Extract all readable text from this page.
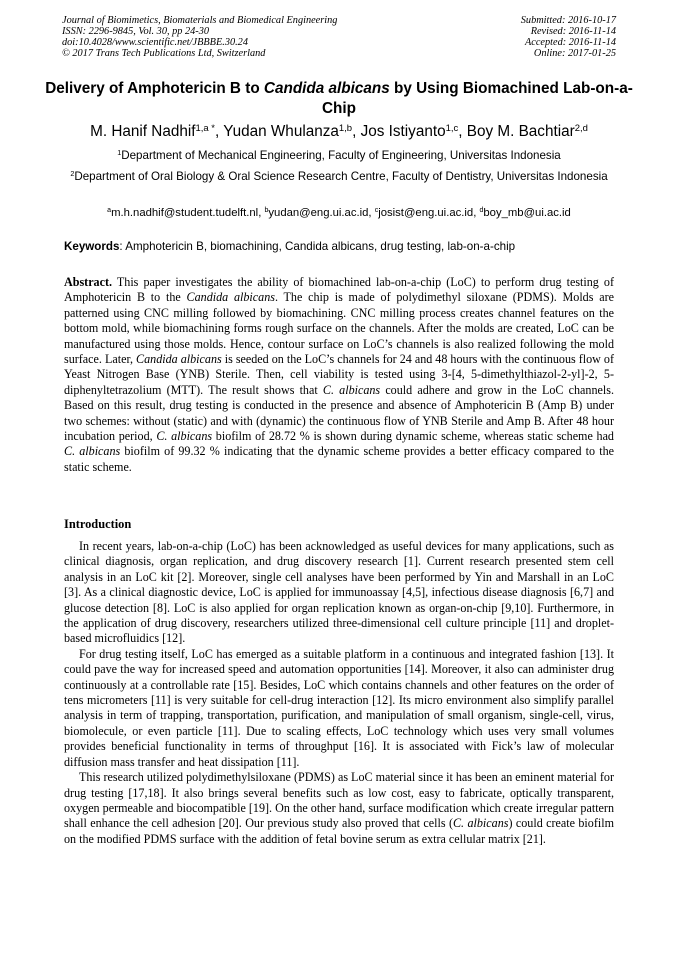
Journal of Biomimetics, Biomaterials and Biomedical Engineering
ISSN: 2296-9845, Vol. 30, pp 24-30
doi:10.4028/www.scientific.net/JBBBE.30.24
© 2017 Trans Tech Publications Ltd, Switzerland
Submitted: 2016-10-17
Revised: 2016-11-14
Accepted: 2016-11-14
Online: 2017-01-25
Delivery of Amphotericin B to Candida albicans by Using Biomachined Lab-on-a-Chip
M. Hanif Nadhif$^{1,a *}$, Yudan Whulanza$^{1,b}$, Jos Istiyanto$^{1,c}$, Boy M. Bachtiar$^{2,d}$
$^1$Department of Mechanical Engineering, Faculty of Engineering, Universitas Indonesia
$^2$Department of Oral Biology & Oral Science Research Centre, Faculty of Dentistry, Universitas Indonesia
$^a$m.h.nadhif@student.tudelft.nl, $^b$yudan@eng.ui.ac.id, $^c$josist@eng.ui.ac.id, $^d$boy_mb@ui.ac.id
Keywords: Amphotericin B, biomachining, Candida albicans, drug testing, lab-on-a-chip

Abstract. This paper investigates the ability of biomachined lab-on-a-chip (LoC) to perform drug testing of Amphotericin B to the Candida albicans. The chip is made of polydimethyl siloxane (PDMS). Molds are patterned using CNC milling followed by biomachining. CNC milling process creates channel features on the bottom mold, while biomachining forms rough surface on the channels. After the molds are created, LoC can be manufactured using those molds. Hence, contour surface on LoC’s channels is also realized following the mold surface. Later, Candida albicans is seeded on the LoC’s channels for 24 and 48 hours with the continuous flow of Yeast Nitrogen Base (YNB) Sterile. Then, cell viability is tested using 3-[4, 5-dimethylthiazol-2-yl]-2, 5-diphenyltetrazolium (MTT). The result shows that C. albicans could adhere and grow in the LoC channels. Based on this result, drug testing is conducted in the presence and absence of Amphotericin B (Amp B) under two schemes: without (static) and with (dynamic) the continuous flow of YNB Sterile and Amp B. After 48 hour incubation period, C. albicans biofilm of 28.72 % is shown during dynamic scheme, whereas static scheme had C. albicans biofilm of 99.32 % indicating that the dynamic scheme provides a better efficacy compared to the static scheme.

Introduction

In recent years, lab-on-a-chip (LoC) has been acknowledged as useful devices for many applications, such as clinical diagnosis, organ replication, and drug discovery research [1]. Current research presented stem cell analysis in an LoC kit [2]. Moreover, single cell analyses have been performed by Yin and Marshall in an LoC [3]. As a clinical diagnostic device, LoC is applied for immunoassay [4,5], infectious disease diagnosis [6,7] and glucose detection [8]. LoC is also applied for organ replication known as organ-on-chip [9,10]. Furthermore, in the application of drug discovery, researchers utilized three-dimensional cell culture principle [11] and droplet-based microfluidics [12].

For drug testing itself, LoC has emerged as a suitable platform in a continuous and integrated fashion [13]. It could pave the way for increased speed and automation opportunities [14]. Moreover, it also can administer drug continuously at a controllable rate [15]. Besides, LoC which contains channels and other features on the order of tens micrometers [11] is very suitable for cell-drug interaction [12]. Its micro environment also simplify parallel analysis in term of trapping, transportation, purification, and manipulation of small organism, single-cell, virus, biomolecule, or even particle [11]. Due to scaling effects, LoC technology which uses very small volumes provides beneficial functionality in terms of throughput [16]. It is associated with Fick’s law of molecular diffusion mass transfer and heat dissipation [11].

This research utilized polydimethylsiloxane (PDMS) as LoC material since it has been an eminent material for drug testing [17,18]. It also brings several benefits such as low cost, easy to fabricate, optically transparent, oxygen permeable and biocompatible [19]. On the other hand, surface modification which create irregular pattern shall enhance the cell adhesion [20]. Our previous study also proved that cells (C. albicans) could create biofilm on the modified PDMS surface with the addition of fetal bovine serum as extra cellular matrix [21].
